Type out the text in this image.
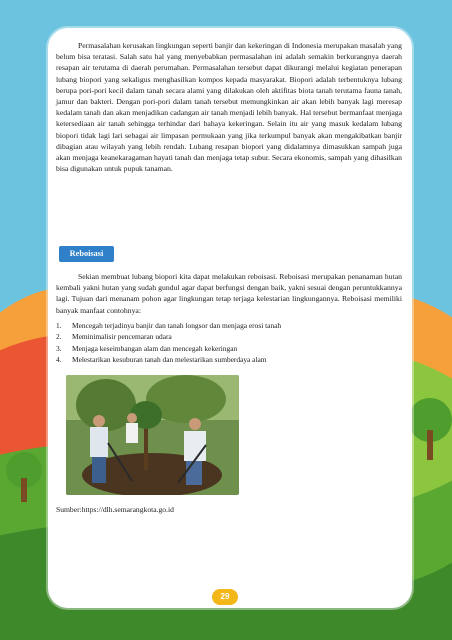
Permasalahan kerusakan lingkungan seperti banjir dan kekeringan di Indonesia merupakan masalah yang belum bisa teratasi. Salah satu hal yang menyebabkan permasalahan ini adalah semakin berkurangnya daerah resapan air terutama di daerah perumahan. Permasalahan tersebut dapat dikurangi melalui kegiatan penerapan lubang biopori yang sekaligus menghasilkan kompos kepada masyarakat. Biopori adalah terbentuknya lubang berupa pori-pori kecil dalam tanah secara alami yang dilakukan oleh aktifitas biota tanah terutama fauna tanah, jamur dan bakteri. Dengan pori-pori dalam tanah tersebut memungkinkan air akan lebih banyak lagi meresap kedalam tanah dan akan menjadikan cadangan air tanah menjadi lebih banyak. Hal tersebut bermanfaat menjaga ketersediaan air tanah sehingga terhindar dari bahaya kekeringan. Selain itu air yang masuk kedalam lubang biopori tidak lagi lari sebagai air limpasan permukaan yang jika terkumpul banyak akan mengakibatkan banjir dibagian atau wilayah yang lebih rendah. Lubang resapan biopori yang didalamnya dimasukkan sampah juga akan menjaga keanekaragaman hayati tanah dan menjaga tetap subur. Secara ekonomis, sampah yang dihasilkan bisa digunakan untuk pupuk tanaman.

Reboisasi

Sekian membuat lubang biopori kita dapat melakukan reboisasi. Reboisasi merupakan penanaman hutan kembali yakni hutan yang sudah gundul agar dapat berfungsi dengan baik, yakni sesuai dengan peruntukkannya lagi. Tujuan dari menanam pohon agar lingkungan tetap terjaga kelestarian lingkungannya. Reboisasi memiliki banyak manfaat contohnya:

1.	Mencegah terjadinya banjir dan tanah longsor dan menjaga erosi tanah
2.	Meminimalisir pencemaran udara
3.	Menjaga keseimbangan alam dan mencegah kekeringan
4.	Melestarikan kesuburan tanah dan melestarikan sumberdaya alam
Sumber:https://dlh.semarangkota.go.id
29
